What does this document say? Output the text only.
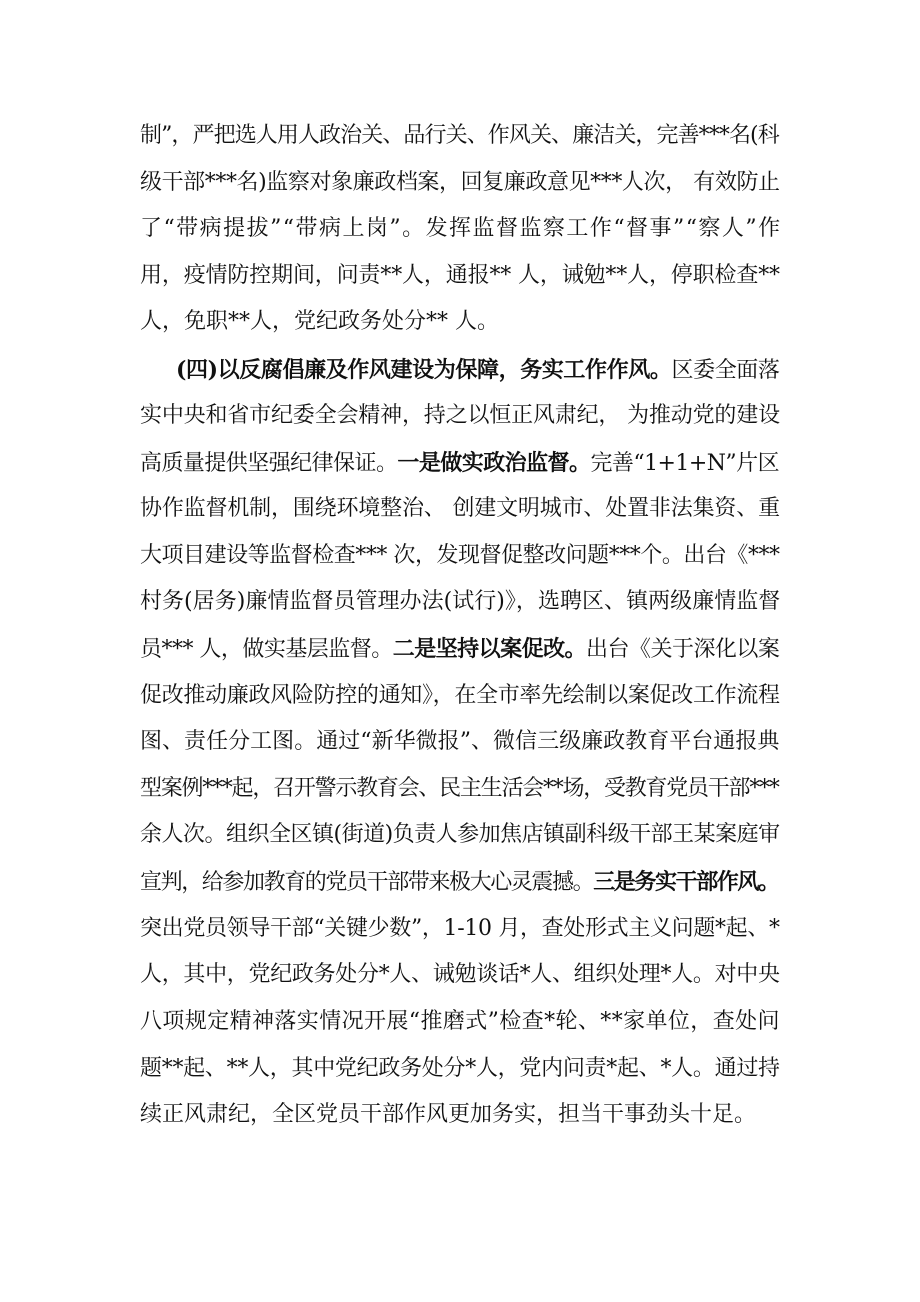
制”，严把选人用人政治关、品行关、作风关、廉洁关，完善***名(科
级干部***名)监察对象廉政档案，回复廉政意见***人次， 有效防止
了“带病提拔”“带病上岗”。发挥监督监察工作“督事”“察人”作
用，疫情防控期间，问责**人，通报** 人，诫勉**人，停职检查**
人，免职**人，党纪政务处分** 人。
(四)以反腐倡廉及作风建设为保障，务实工作作风。区委全面落
实中央和省市纪委全会精神，持之以恒正风肃纪， 为推动党的建设
高质量提供坚强纪律保证。一是做实政治监督。完善“1+1+N”片区
协作监督机制，围绕环境整治、 创建文明城市、处置非法集资、重
大项目建设等监督检查*** 次，发现督促整改问题***个。出台《***
村务(居务)廉情监督员管理办法(试行)》，选聘区、镇两级廉情监督
员*** 人，做实基层监督。二是坚持以案促改。出台《关于深化以案
促改推动廉政风险防控的通知》，在全市率先绘制以案促改工作流程
图、责任分工图。通过“新华微报”、微信三级廉政教育平台通报典
型案例***起，召开警示教育会、民主生活会**场，受教育党员干部***
余人次。组织全区镇(街道)负责人参加焦店镇副科级干部王某案庭审
宣判，给参加教育的党员干部带来极大心灵震撼。三是务实干部作风。
突出党员领导干部“关键少数”，1-10 月，查处形式主义问题*起、*
人，其中，党纪政务处分*人、诫勉谈话*人、组织处理*人。对中央
八项规定精神落实情况开展“推磨式”检查*轮、**家单位，查处问
题**起、**人，其中党纪政务处分*人，党内问责*起、*人。通过持
续正风肃纪，全区党员干部作风更加务实，担当干事劲头十足。
